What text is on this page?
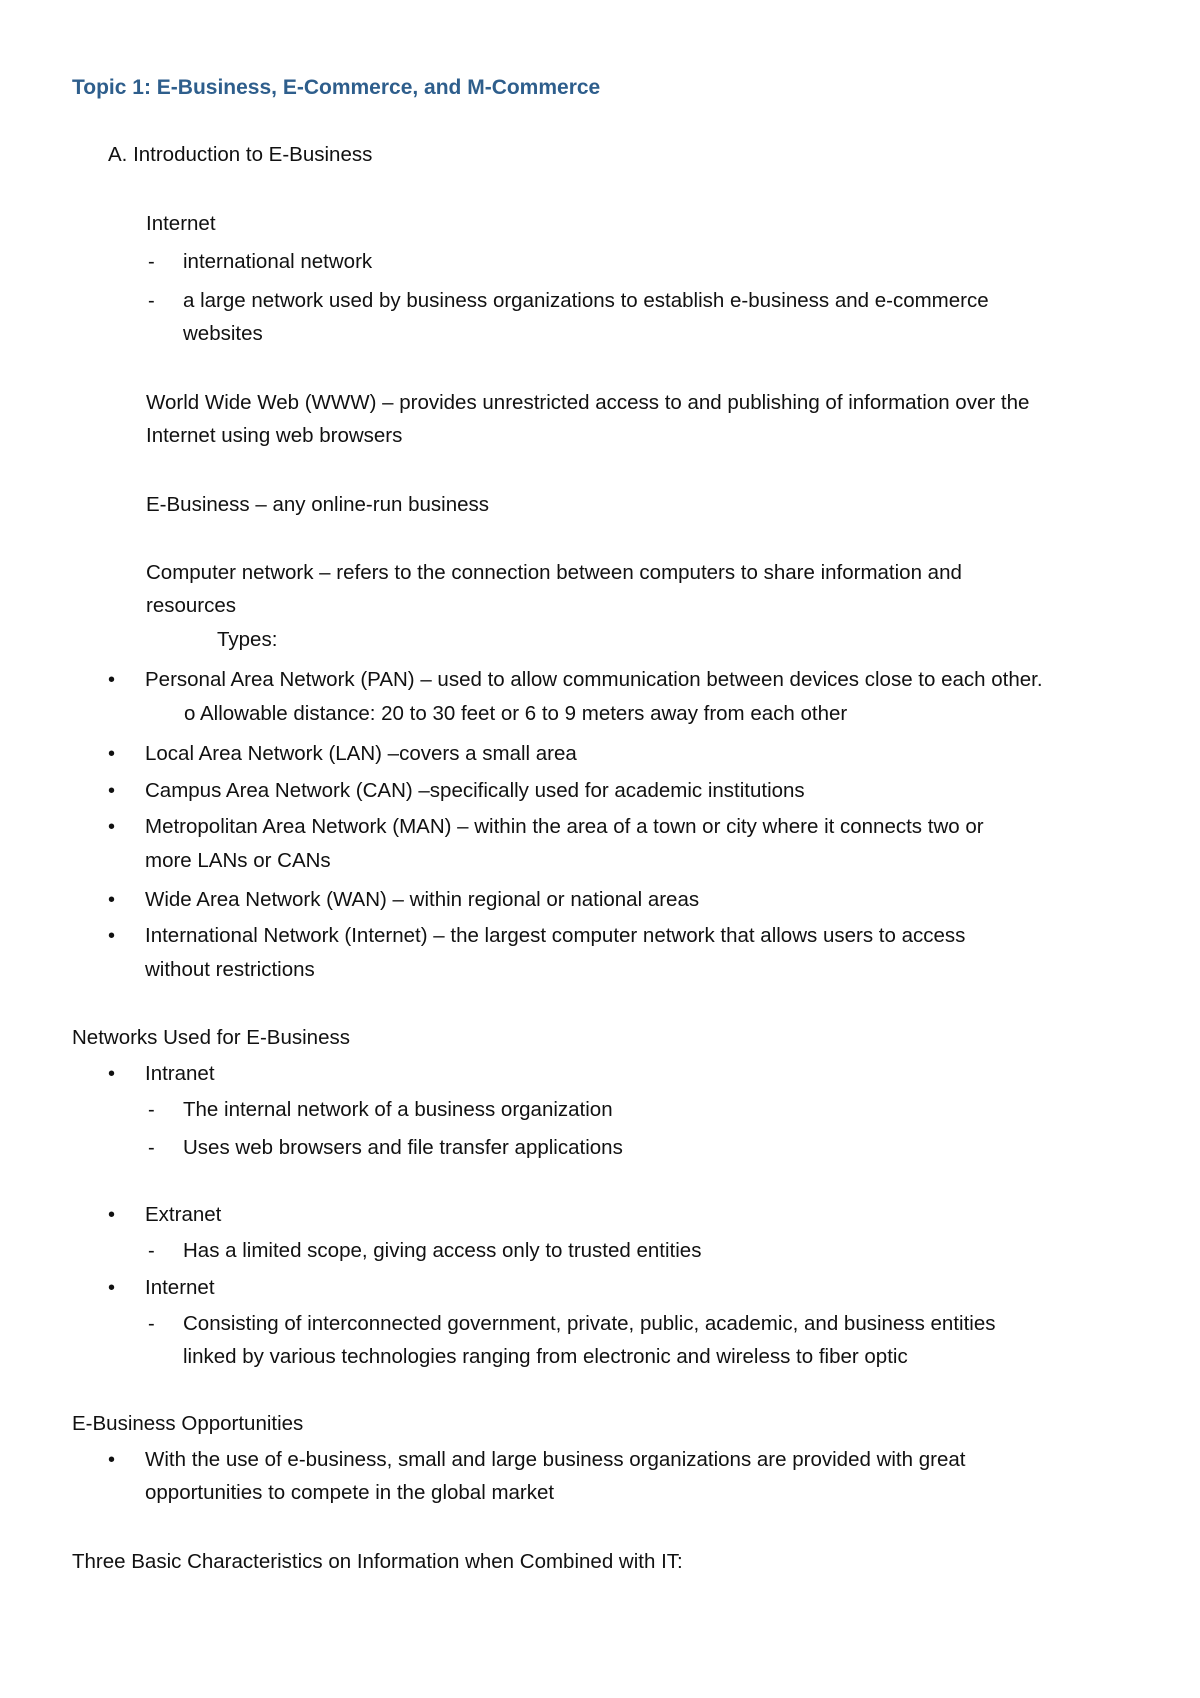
Topic 1: E-Business, E-Commerce, and M-Commerce
A. Introduction to E-Business
Internet
- international network
- a large network used by business organizations to establish e-business and e-commerce
websites
World Wide Web (WWW) – provides unrestricted access to and publishing of information over the
Internet using web browsers
E-Business – any online-run business
Computer network – refers to the connection between computers to share information and
resources
Types:
• Personal Area Network (PAN) – used to allow communication between devices close to each other.
o Allowable distance: 20 to 30 feet or 6 to 9 meters away from each other
• Local Area Network (LAN) –covers a small area
• Campus Area Network (CAN) –specifically used for academic institutions
• Metropolitan Area Network (MAN) – within the area of a town or city where it connects two or
more LANs or CANs
• Wide Area Network (WAN) – within regional or national areas
• International Network (Internet) – the largest computer network that allows users to access
without restrictions
Networks Used for E-Business
• Intranet
- The internal network of a business organization
- Uses web browsers and file transfer applications
• Extranet
- Has a limited scope, giving access only to trusted entities
• Internet
- Consisting of interconnected government, private, public, academic, and business entities
linked by various technologies ranging from electronic and wireless to fiber optic
E-Business Opportunities
• With the use of e-business, small and large business organizations are provided with great
opportunities to compete in the global market
Three Basic Characteristics on Information when Combined with IT:
